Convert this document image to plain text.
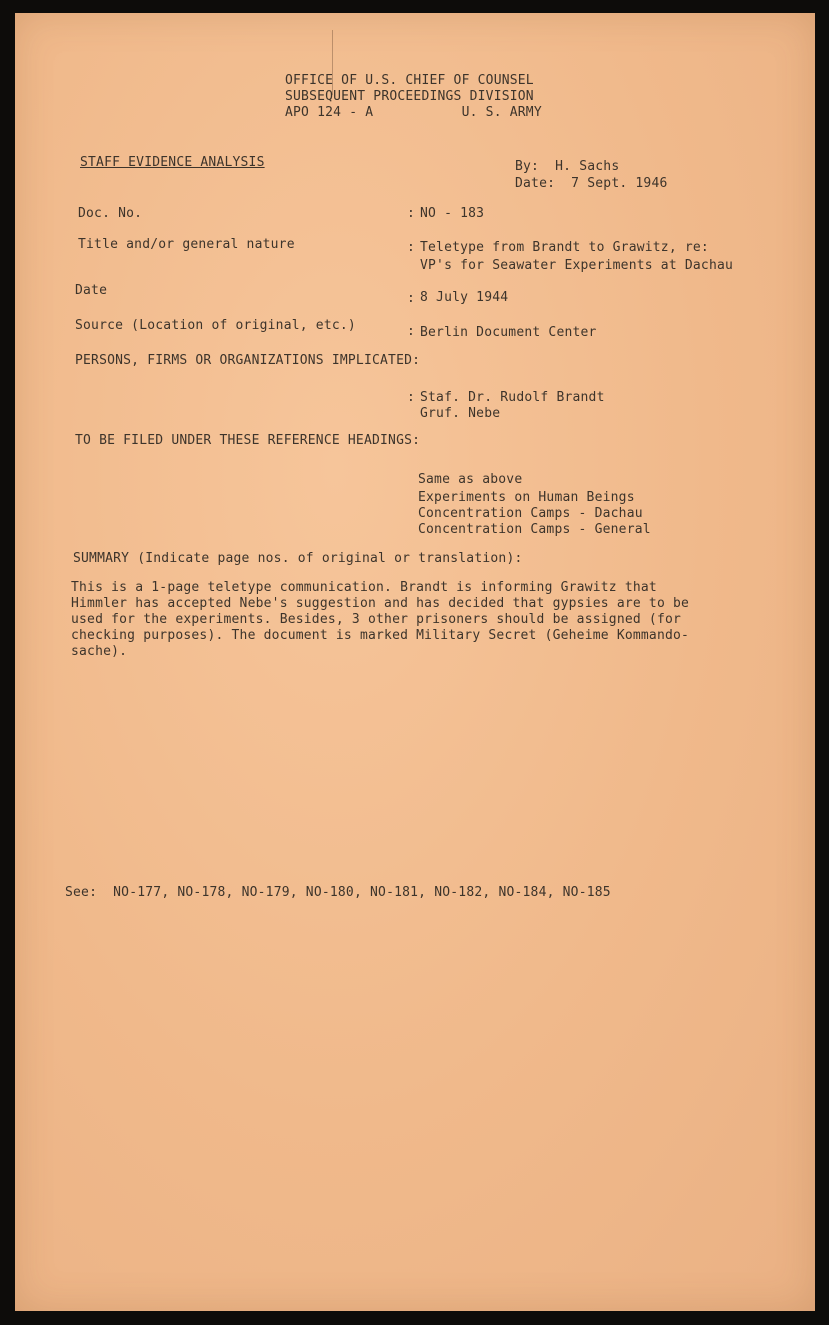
OFFICE OF U.S. CHIEF OF COUNSEL
SUBSEQUENT PROCEEDINGS DIVISION
APO 124 - A           U. S. ARMY
STAFF EVIDENCE ANALYSIS	By:  H. Sachs
Date:  7 Sept. 1946
Doc. No.	: NO - 183
Title and/or general nature	: Teletype from Brandt to Grawitz, re:
VP's for Seawater Experiments at Dachau
Date
: 8 July 1944
Source (Location of original, etc.)	: Berlin Document Center
PERSONS, FIRMS OR ORGANIZATIONS IMPLICATED:
: Staf. Dr. Rudolf Brandt
Gruf. Nebe
TO BE FILED UNDER THESE REFERENCE HEADINGS:
Same as above
Experiments on Human Beings
Concentration Camps - Dachau
Concentration Camps - General
SUMMARY (Indicate page nos. of original or translation):
This is a 1-page teletype communication. Brandt is informing Grawitz that Himmler has accepted Nebe's suggestion and has decided that gypsies are to be used for the experiments. Besides, 3 other prisoners should be assigned (for checking purposes). The document is marked Military Secret (Geheime Kommando-sache).
See:  NO-177, NO-178, NO-179, NO-180, NO-181, NO-182, NO-184, NO-185
